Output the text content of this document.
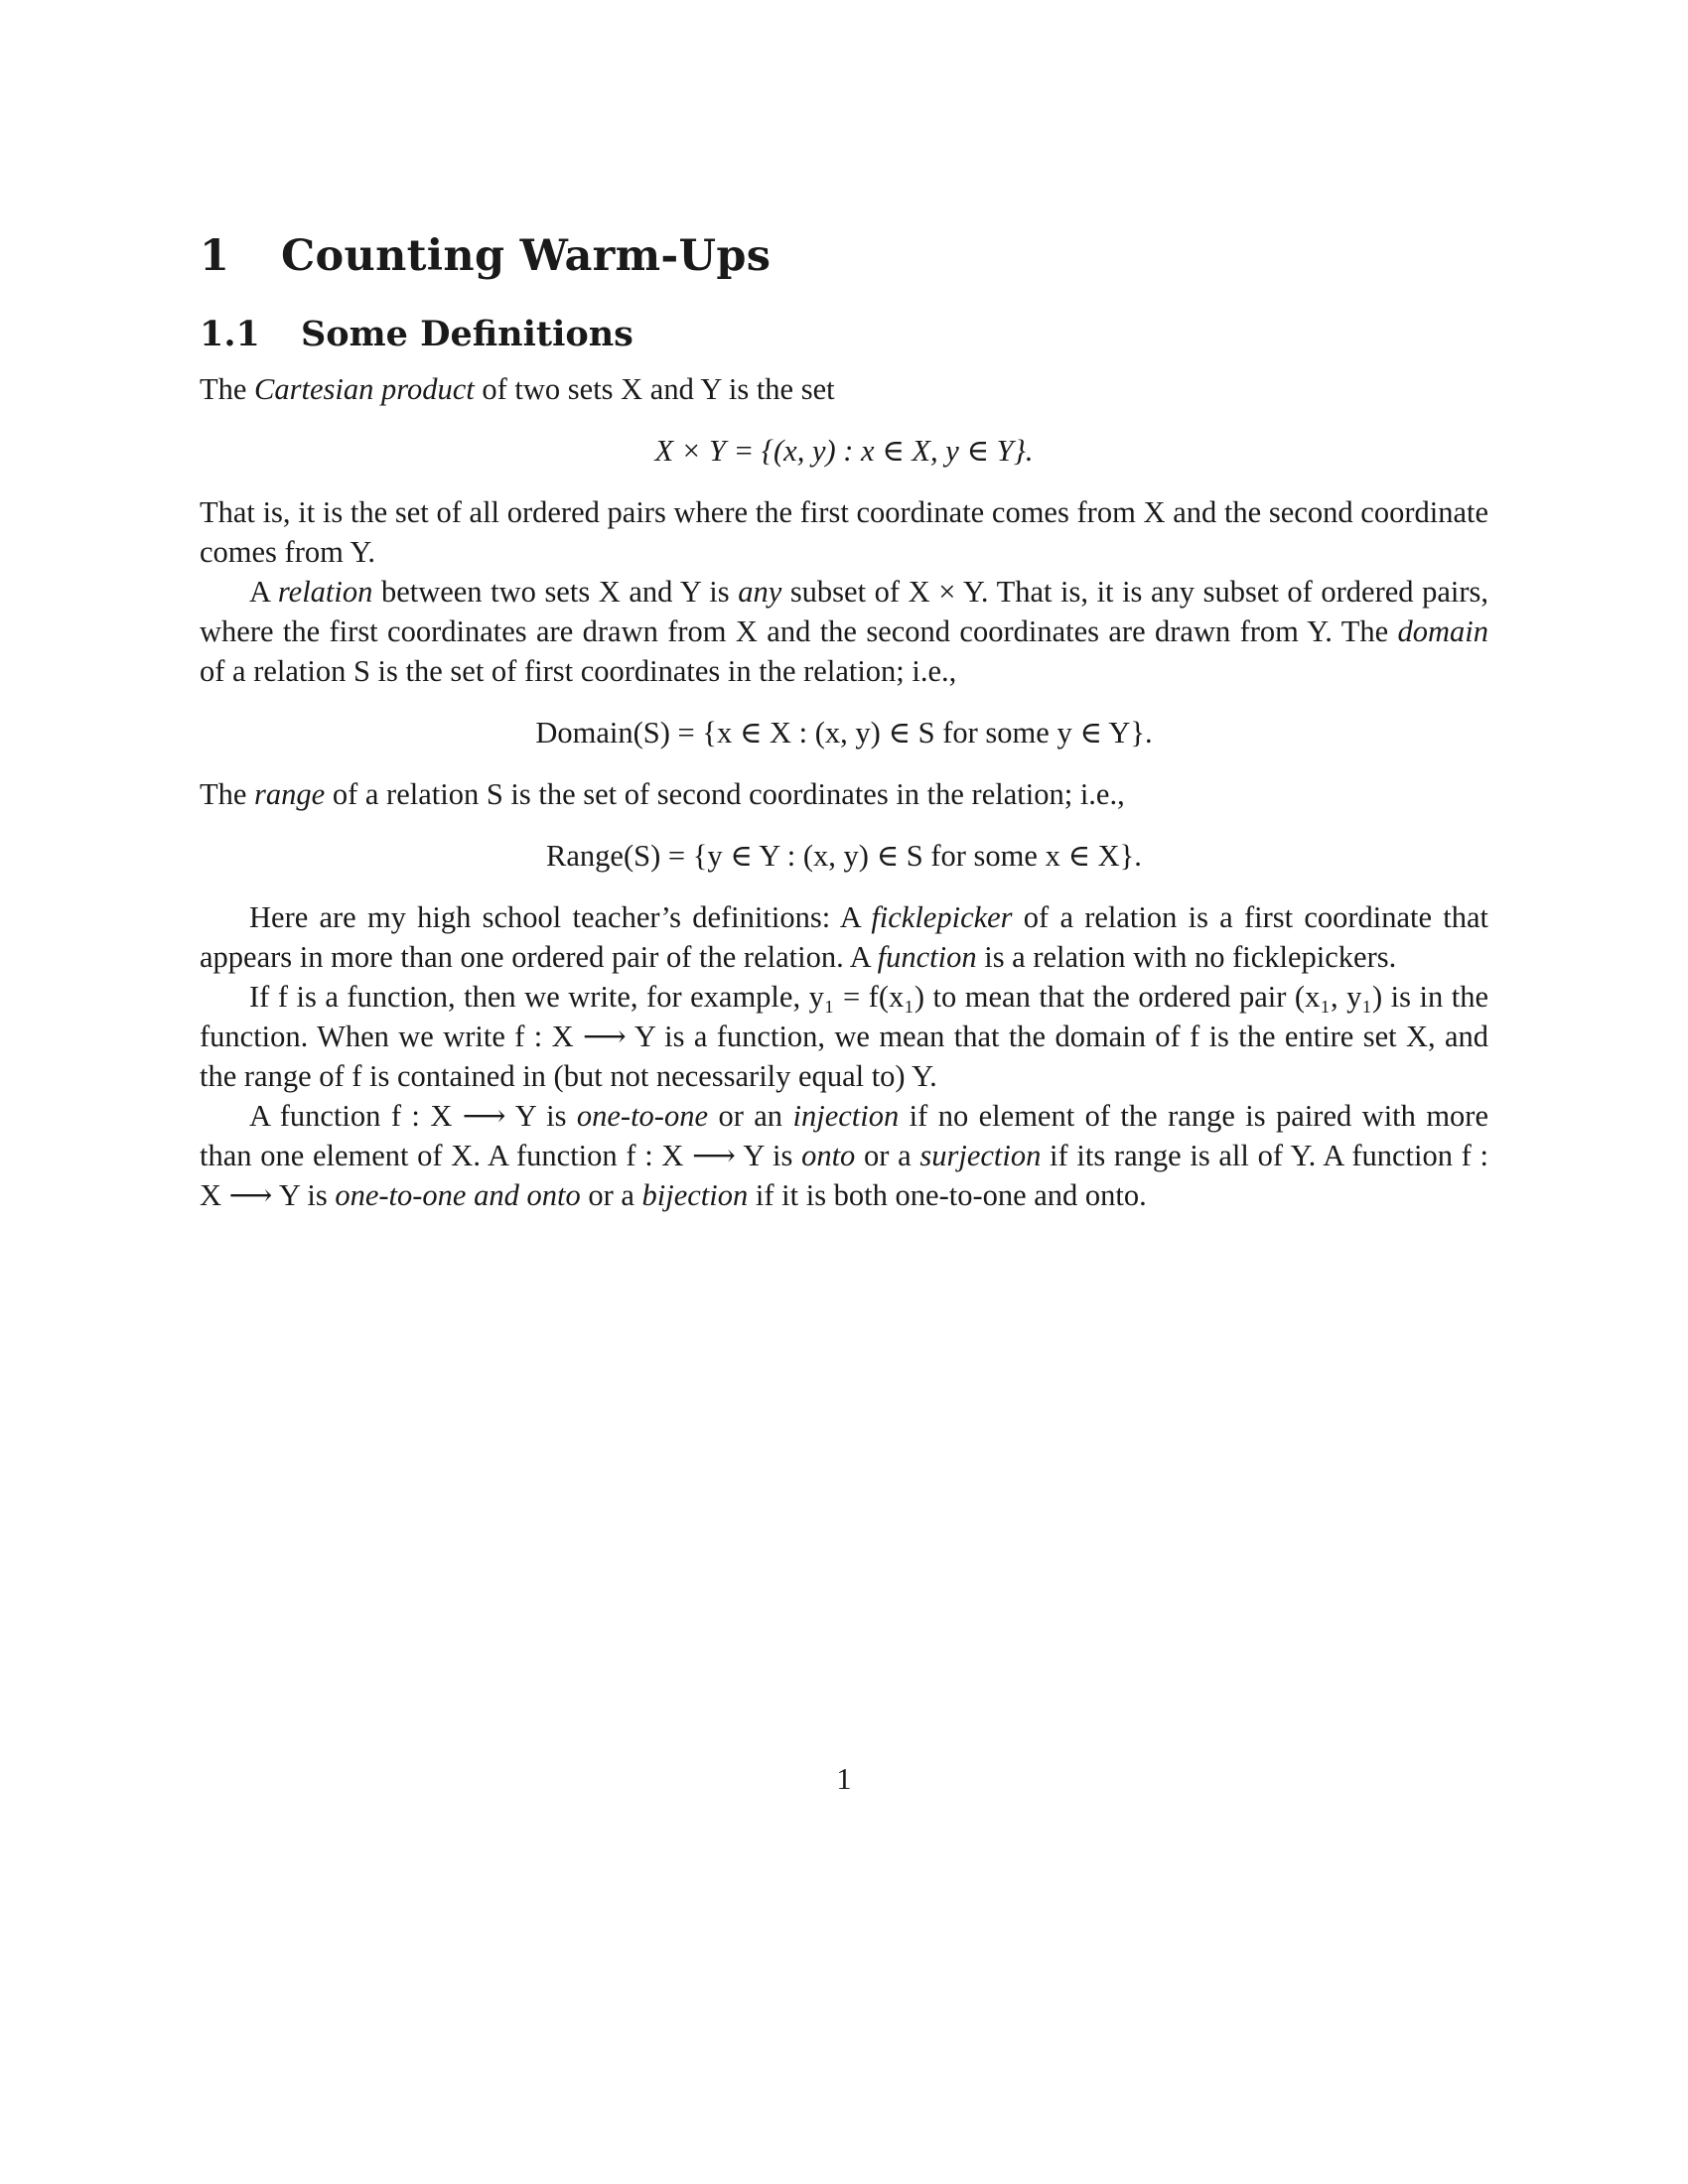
1 Counting Warm-Ups
1.1 Some Definitions

The Cartesian product of two sets X and Y is the set

X × Y = {(x, y) : x ∈ X, y ∈ Y}.

That is, it is the set of all ordered pairs where the first coordinate comes from X and the second coordinate comes from Y.

A relation between two sets X and Y is any subset of X × Y. That is, it is any subset of ordered pairs, where the first coordinates are drawn from X and the second coordinates are drawn from Y. The domain of a relation S is the set of first coordinates in the relation; i.e.,

Domain(S) = {x ∈ X : (x, y) ∈ S for some y ∈ Y}.

The range of a relation S is the set of second coordinates in the relation; i.e.,

Range(S) = {y ∈ Y : (x, y) ∈ S for some x ∈ X}.

Here are my high school teacher’s definitions: A ficklepicker of a relation is a first coordinate that appears in more than one ordered pair of the relation. A function is a relation with no ficklepickers.

If f is a function, then we write, for example, y₁ = f(x₁) to mean that the ordered pair (x₁, y₁) is in the function. When we write f : X ⟶ Y is a function, we mean that the domain of f is the entire set X, and the range of f is contained in (but not necessarily equal to) Y.

A function f : X ⟶ Y is one-to-one or an injection if no element of the range is paired with more than one element of X. A function f : X ⟶ Y is onto or a surjection if its range is all of Y. A function f : X ⟶ Y is one-to-one and onto or a bijection if it is both one-to-one and onto.

1
